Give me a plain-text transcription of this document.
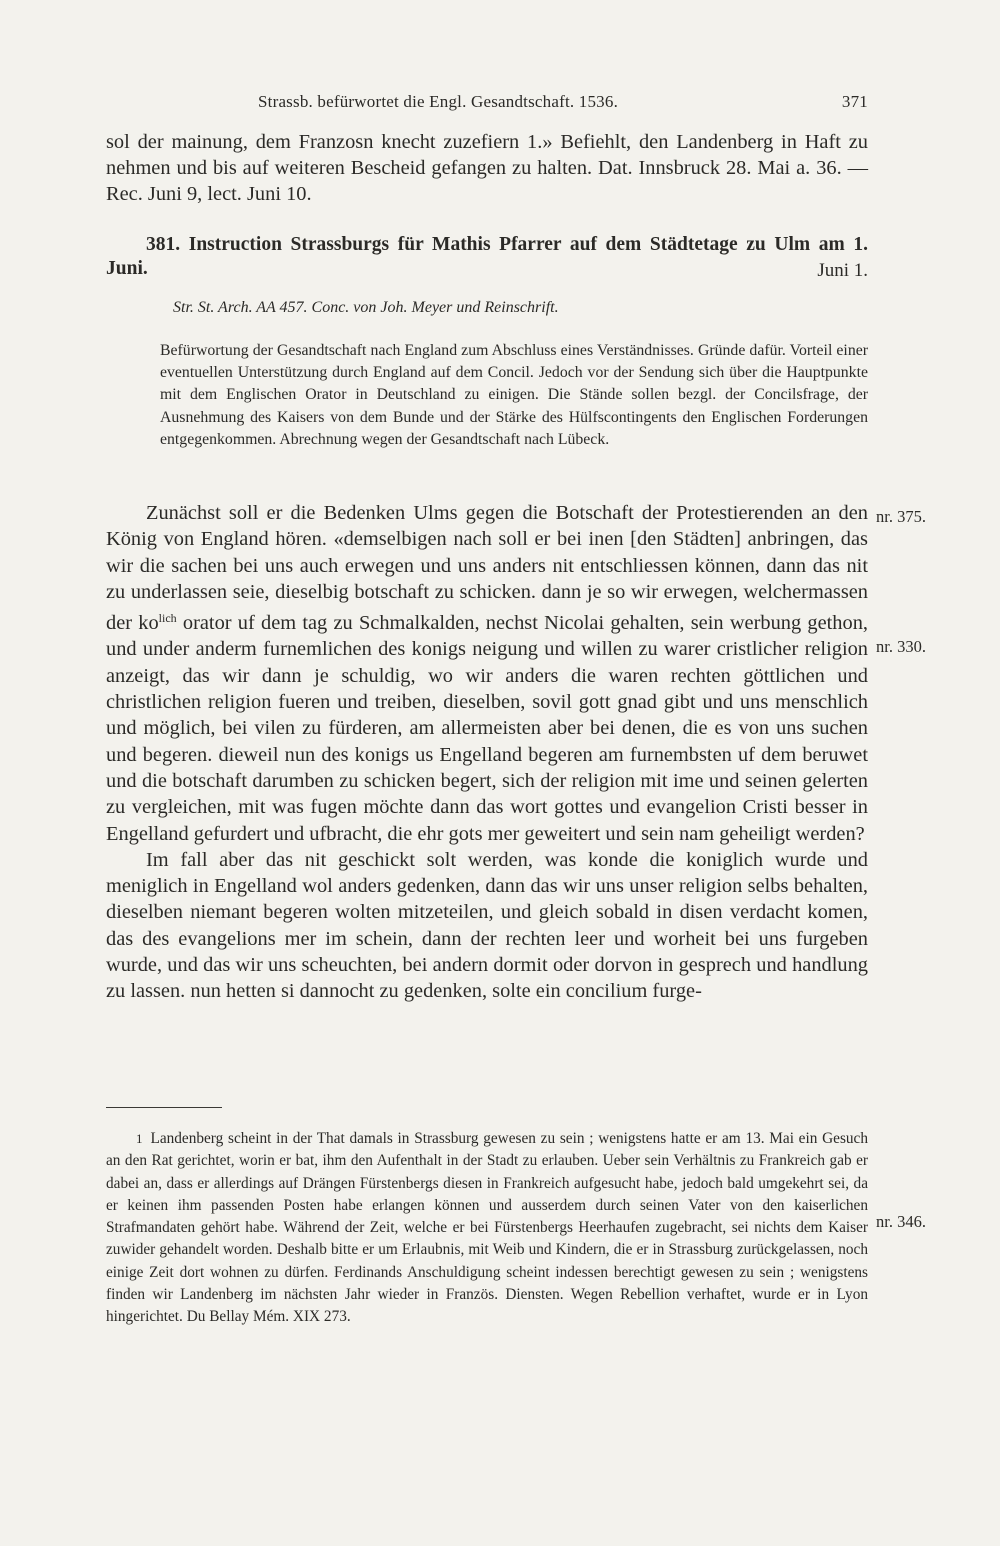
Strassb. befürwortet die Engl. Gesandtschaft. 1536.	371
sol der mainung, dem Franzosn knecht zuzefiern 1.» Befiehlt, den Landenberg in Haft zu nehmen und bis auf weiteren Bescheid gefangen zu halten. Dat. Innsbruck 28. Mai a. 36. — Rec. Juni 9, lect. Juni 10.
381. Instruction Strassburgs für Mathis Pfarrer auf dem Städtetage zu Ulm am 1. Juni.	Juni 1.
Str. St. Arch. AA 457. Conc. von Joh. Meyer und Reinschrift.
Befürwortung der Gesandtschaft nach England zum Abschluss eines Verständnisses. Gründe dafür. Vorteil einer eventuellen Unterstützung durch England auf dem Concil. Jedoch vor der Sendung sich über die Hauptpunkte mit dem Englischen Orator in Deutschland zu einigen. Die Stände sollen bezgl. der Concilsfrage, der Ausnehmung des Kaisers von dem Bunde und der Stärke des Hülfscontingents den Englischen Forderungen entgegenkommen. Abrechnung wegen der Gesandtschaft nach Lübeck.

Zunächst soll er die Bedenken Ulms gegen die Botschaft der Protestierenden an den König von England hören. «demselbigen nach soll er bei inen [den Städten] anbringen, das wir die sachen bei uns auch erwegen und uns anders nit entschliessen können, dann das nit zu underlassen seie, dieselbig botschaft zu schicken. dann je so wir erwegen, welchermassen der $ko^{lich}$ orator uf dem tag zu Schmalkalden, nechst Nicolai gehalten, sein werbung gethon, und under anderm furnemlichen des konigs neigung und willen zu warer cristlicher religion anzeigt, das wir dann je schuldig, wo wir anders die waren rechten göttlichen und christlichen religion fueren und treiben, dieselben, sovil gott gnad gibt und uns menschlich und möglich, bei vilen zu fürderen, am allermeisten aber bei denen, die es von uns suchen und begeren. dieweil nun des konigs us Engelland begeren am furnembsten uf dem beruwet und die botschaft darumben zu schicken begert, sich der religion mit ime und seinen gelerten zu vergleichen, mit was fugen möchte dann das wort gottes und evangelion Cristi besser in Engelland gefurdert und ufbracht, die ehr gots mer geweitert und sein nam geheiligt werden?

Im fall aber das nit geschickt solt werden, was konde die koniglich wurde und meniglich in Engelland wol anders gedenken, dann das wir uns unser religion selbs behalten, dieselben niemant begeren wolten mitzeteilen, und gleich sobald in disen verdacht komen, das des evangelions mer im schein, dann der rechten leer und worheit bei uns furgeben wurde, und das wir uns scheuchten, bei andern dormit oder dorvon in gesprech und handlung zu lassen. nun hetten si dannocht zu gedenken, solte ein concilium furge-

nr. 375.
nr. 330.
nr. 346.
1 Landenberg scheint in der That damals in Strassburg gewesen zu sein ; wenigstens hatte er am 13. Mai ein Gesuch an den Rat gerichtet, worin er bat, ihm den Aufenthalt in der Stadt zu erlauben. Ueber sein Verhältnis zu Frankreich gab er dabei an, dass er allerdings auf Drängen Fürstenbergs diesen in Frankreich aufgesucht habe, jedoch bald umgekehrt sei, da er keinen ihm passenden Posten habe erlangen können und ausserdem durch seinen Vater von den kaiserlichen Strafmandaten gehört habe. Während der Zeit, welche er bei Fürstenbergs Heerhaufen zugebracht, sei nichts dem Kaiser zuwider gehandelt worden. Deshalb bitte er um Erlaubnis, mit Weib und Kindern, die er in Strassburg zurückgelassen, noch einige Zeit dort wohnen zu dürfen. Ferdinands Anschuldigung scheint indessen berechtigt gewesen zu sein ; wenigstens finden wir Landenberg im nächsten Jahr wieder in Französ. Diensten. Wegen Rebellion verhaftet, wurde er in Lyon hingerichtet. Du Bellay Mém. XIX 273.
